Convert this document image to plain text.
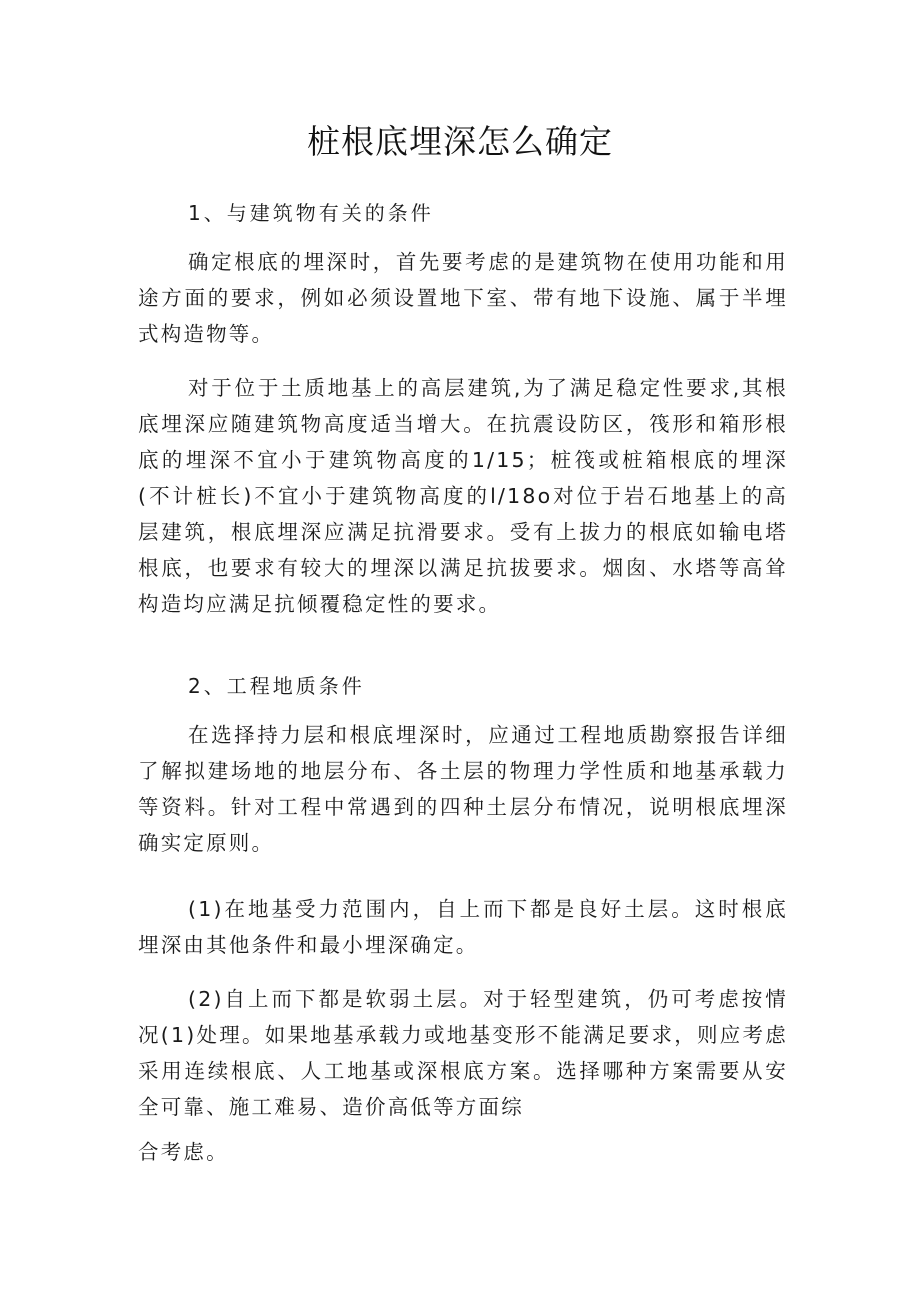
桩根底埋深怎么确定
1、与建筑物有关的条件
确定根底的埋深时，首先要考虑的是建筑物在使用功能和用途方面的要求，例如必须设置地下室、带有地下设施、属于半埋式构造物等。
对于位于土质地基上的高层建筑,为了满足稳定性要求,其根底埋深应随建筑物高度适当增大。在抗震设防区，筏形和箱形根底的埋深不宜小于建筑物高度的1/15；桩筏或桩箱根底的埋深(不计桩长)不宜小于建筑物高度的l/18o对位于岩石地基上的高层建筑，根底埋深应满足抗滑要求。受有上拔力的根底如输电塔根底，也要求有较大的埋深以满足抗拔要求。烟囱、水塔等高耸构造均应满足抗倾覆稳定性的要求。
2、工程地质条件
在选择持力层和根底埋深时，应通过工程地质勘察报告详细了解拟建场地的地层分布、各土层的物理力学性质和地基承载力等资料。针对工程中常遇到的四种土层分布情况，说明根底埋深确实定原则。
(1)在地基受力范围内，自上而下都是良好土层。这时根底埋深由其他条件和最小埋深确定。
(2)自上而下都是软弱土层。对于轻型建筑，仍可考虑按情况(1)处理。如果地基承载力或地基变形不能满足要求，则应考虑采用连续根底、人工地基或深根底方案。选择哪种方案需要从安全可靠、施工难易、造价高低等方面综
合考虑。
